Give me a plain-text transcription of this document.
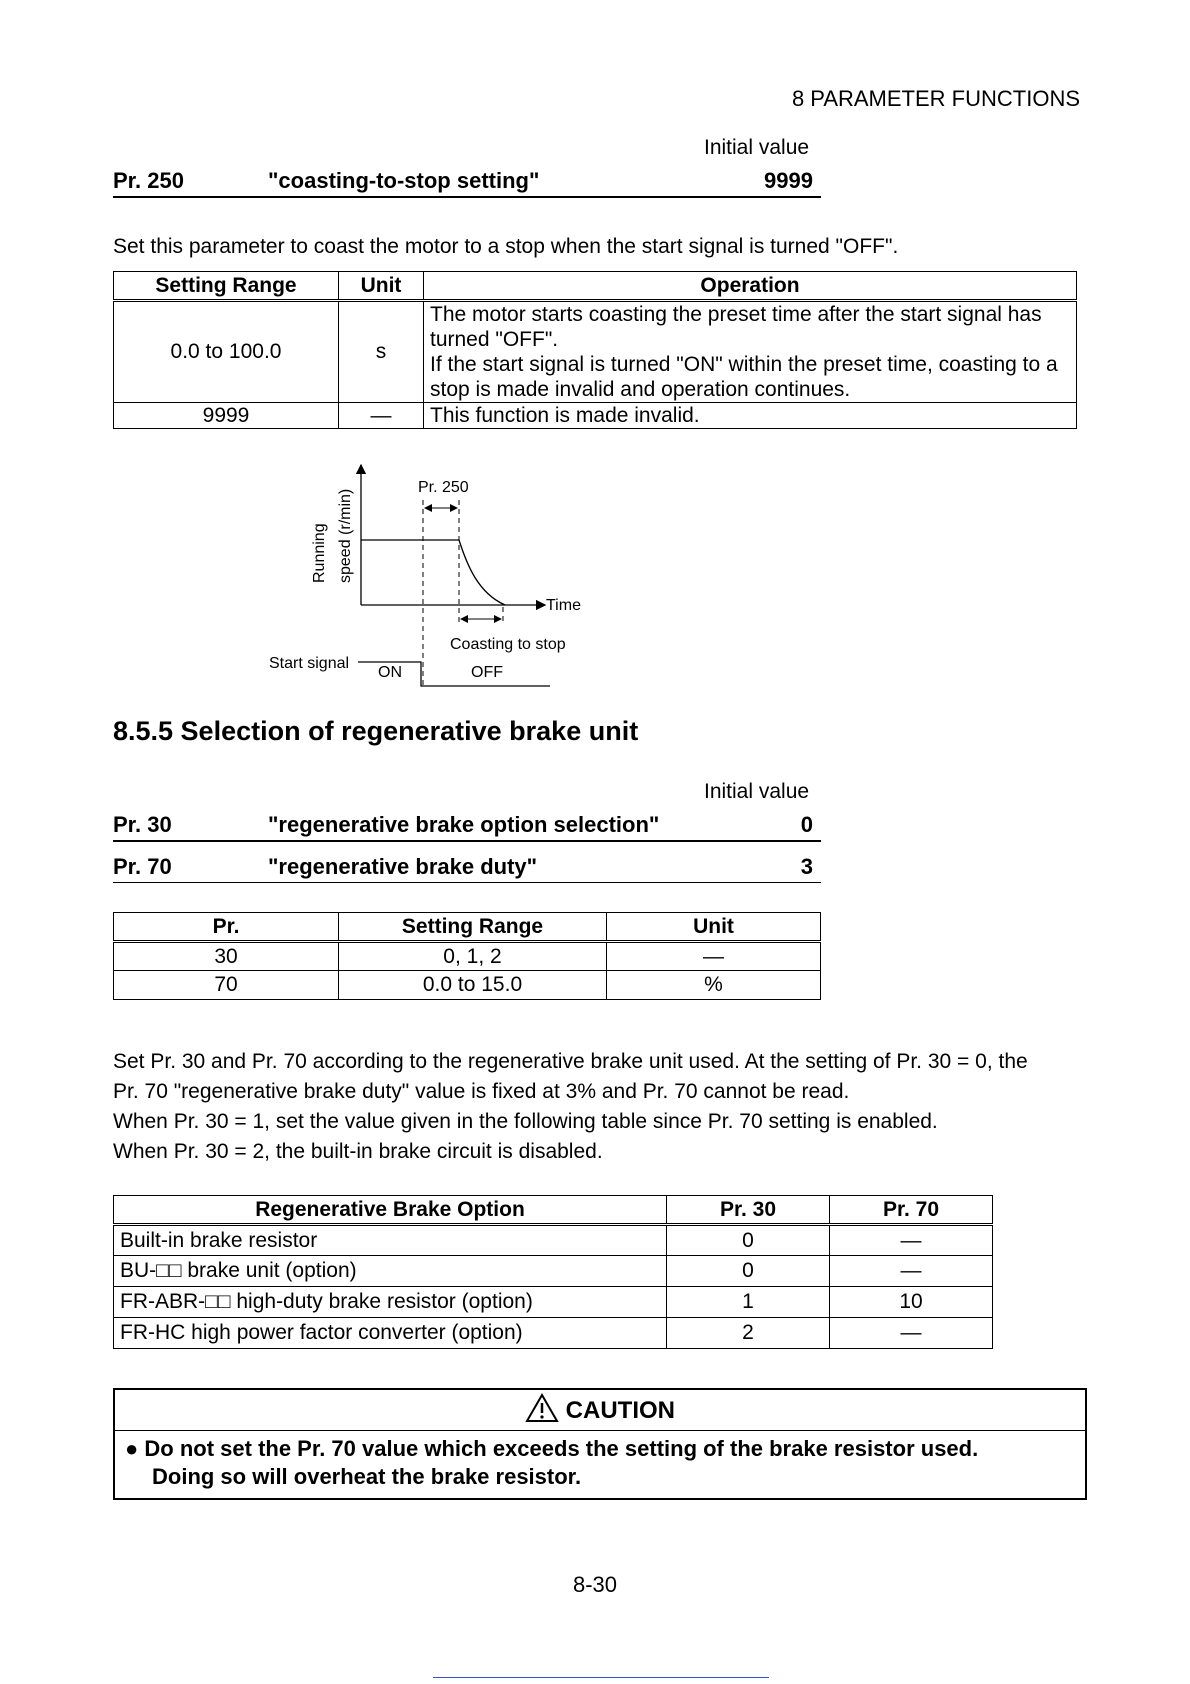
8 PARAMETER FUNCTIONS
Initial value
Pr. 250	"coasting-to-stop setting"	9999
Set this parameter to coast the motor to a stop when the start signal is turned "OFF".
Setting Range	Unit	Operation
0.0 to 100.0	s	The motor starts coasting the preset time after the start signal has
turned "OFF".
If the start signal is turned "ON" within the preset time, coasting to a
stop is made invalid and operation continues.

9999	—	This function is made invalid.
Time
Running speed (r/min)
Pr. 250
Coasting to stop
Start signal
ON	OFF
8.5.5 Selection of regenerative brake unit
Initial value
Pr. 30	"regenerative brake option selection"	0
Pr. 70	"regenerative brake duty"	3
Pr.	Setting Range	Unit
30	0, 1, 2	—
70	0.0 to 15.0	%
Set Pr. 30 and Pr. 70 according to the regenerative brake unit used. At the setting of Pr. 30 = 0, the
Pr. 70 "regenerative brake duty" value is fixed at 3% and Pr. 70 cannot be read.
When Pr. 30 = 1, set the value given in the following table since Pr. 70 setting is enabled.
When Pr. 30 = 2, the built-in brake circuit is disabled.
Regenerative Brake Option	Pr. 30	Pr. 70
Built-in brake resistor	0	—
BU-□□ brake unit (option)	0	—
FR-ABR-□□ high-duty brake resistor (option)	1	10
FR-HC high power factor converter (option)	2	—
CAUTION
● Do not set the Pr. 70 value which exceeds the setting of the brake resistor used.
Doing so will overheat the brake resistor.
8-30
